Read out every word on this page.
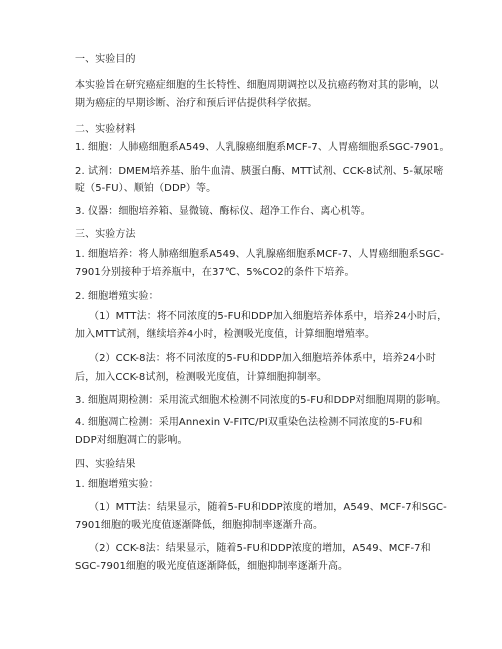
一、实验目的
本实验旨在研究癌症细胞的生长特性、细胞周期调控以及抗癌药物对其的影响，以
期为癌症的早期诊断、治疗和预后评估提供科学依据。
二、实验材料
1. 细胞：人肺癌细胞系A549、人乳腺癌细胞系MCF-7、人胃癌细胞系SGC-7901。
2. 试剂：DMEM培养基、胎牛血清、胰蛋白酶、MTT试剂、CCK-8试剂、5-氟尿嘧
啶（5-FU）、顺铂（DDP）等。
3. 仪器：细胞培养箱、显微镜、酶标仪、超净工作台、离心机等。
三、实验方法
1. 细胞培养：将人肺癌细胞系A549、人乳腺癌细胞系MCF-7、人胃癌细胞系SGC-
7901分别接种于培养瓶中，在37℃、5%CO2的条件下培养。
2. 细胞增殖实验：
（1）MTT法：将不同浓度的5-FU和DDP加入细胞培养体系中，培养24小时后，
加入MTT试剂，继续培养4小时，检测吸光度值，计算细胞增殖率。
（2）CCK-8法：将不同浓度的5-FU和DDP加入细胞培养体系中，培养24小时
后，加入CCK-8试剂，检测吸光度值，计算细胞抑制率。
3. 细胞周期检测：采用流式细胞术检测不同浓度的5-FU和DDP对细胞周期的影响。
4. 细胞凋亡检测：采用Annexin V-FITC/PI双重染色法检测不同浓度的5-FU和
DDP对细胞凋亡的影响。
四、实验结果
1. 细胞增殖实验：
（1）MTT法：结果显示，随着5-FU和DDP浓度的增加，A549、MCF-7和SGC-
7901细胞的吸光度值逐渐降低，细胞抑制率逐渐升高。
（2）CCK-8法：结果显示，随着5-FU和DDP浓度的增加，A549、MCF-7和
SGC-7901细胞的吸光度值逐渐降低，细胞抑制率逐渐升高。
